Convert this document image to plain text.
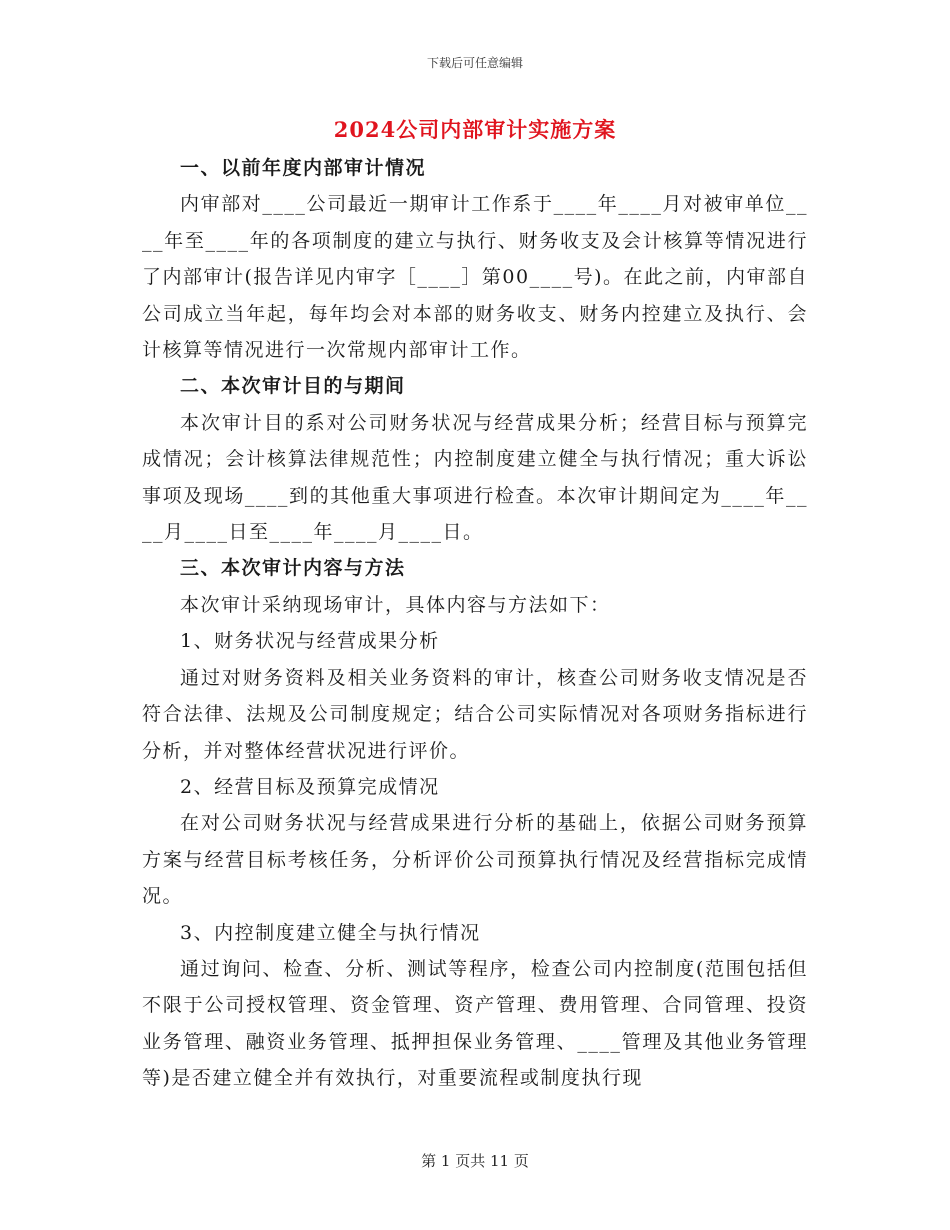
下载后可任意编辑
2024公司内部审计实施方案

一、以前年度内部审计情况

内审部对____公司最近一期审计工作系于____年____月对被审单位____年至____年的各项制度的建立与执行、财务收支及会计核算等情况进行了内部审计(报告详见内审字［____］第00____号)。在此之前，内审部自公司成立当年起，每年均会对本部的财务收支、财务内控建立及执行、会计核算等情况进行一次常规内部审计工作。

二、本次审计目的与期间

本次审计目的系对公司财务状况与经营成果分析；经营目标与预算完成情况；会计核算法律规范性；内控制度建立健全与执行情况；重大诉讼事项及现场____到的其他重大事项进行检查。本次审计期间定为____年____月____日至____年____月____日。

三、本次审计内容与方法

本次审计采纳现场审计，具体内容与方法如下：

1、财务状况与经营成果分析

通过对财务资料及相关业务资料的审计，核查公司财务收支情况是否符合法律、法规及公司制度规定；结合公司实际情况对各项财务指标进行分析，并对整体经营状况进行评价。

2、经营目标及预算完成情况

在对公司财务状况与经营成果进行分析的基础上，依据公司财务预算方案与经营目标考核任务，分析评价公司预算执行情况及经营指标完成情况。

3、内控制度建立健全与执行情况

通过询问、检查、分析、测试等程序，检查公司内控制度(范围包括但不限于公司授权管理、资金管理、资产管理、费用管理、合同管理、投资业务管理、融资业务管理、抵押担保业务管理、____管理及其他业务管理等)是否建立健全并有效执行，对重要流程或制度执行现

第 1 页共 11 页
